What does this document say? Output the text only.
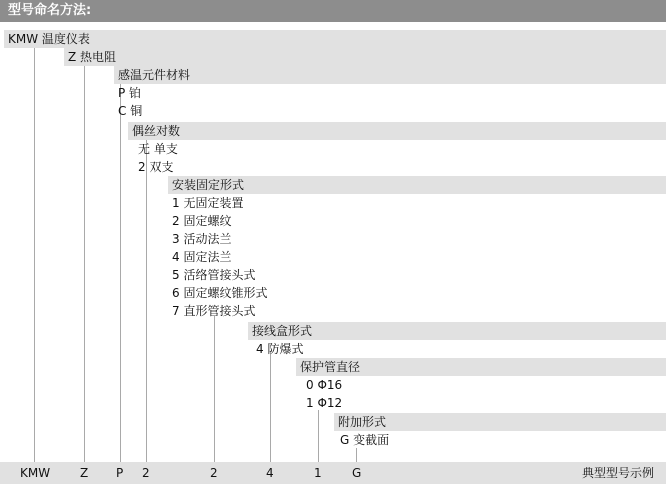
型号命名方法:
KMW 温度仪表
Z 热电阻
感温元件材料
P 铂
C 铜
偶丝对数
无 单支
2 双支
安装固定形式
1 无固定装置
2 固定螺纹
3 活动法兰
4 固定法兰
5 活络管接头式
6 固定螺纹锥形式
7 直形管接头式
接线盒形式
4 防爆式
保护管直径
0 Φ16
1 Φ12
附加形式
G 变截面
KMW Z P 2	2	4	1	G	典型型号示例
